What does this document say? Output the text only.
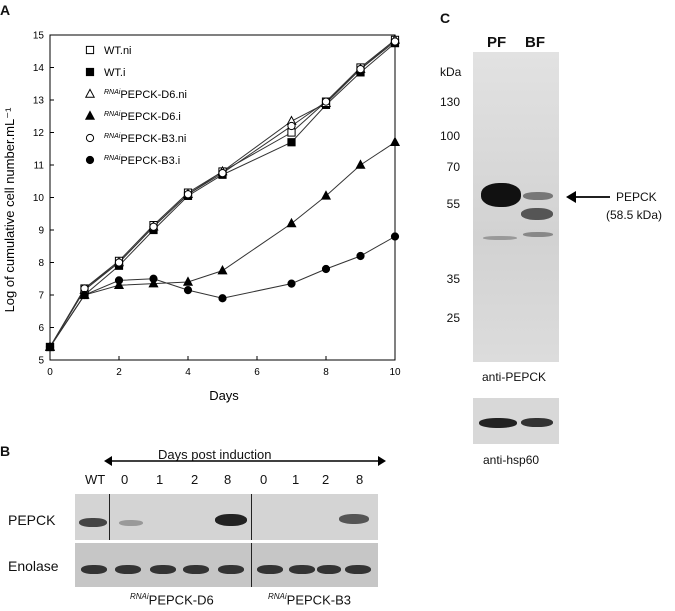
A
B
C
5
6
7
8
9
10
11
12
13
14
15
0	2	4	6	8	10
WT.ni
WT.i
$^{RNAi}$PEPCK-D6.ni
$^{RNAi}$PEPCK-D6.i
$^{RNAi}$PEPCK-B3.ni
$^{RNAi}$PEPCK-B3.i
Log of cumulative cell number.mL⁻¹
Days
Days post induction
WT 0 1 2 8 0 1 2 8
PEPCK
Enolase
$^{RNAi}$PEPCK-D6	$^{RNAi}$PEPCK-B3
PF BF
kDa
130
100
70
55
35
25
PEPCK
(58.5 kDa)
anti-PEPCK
anti-hsp60
